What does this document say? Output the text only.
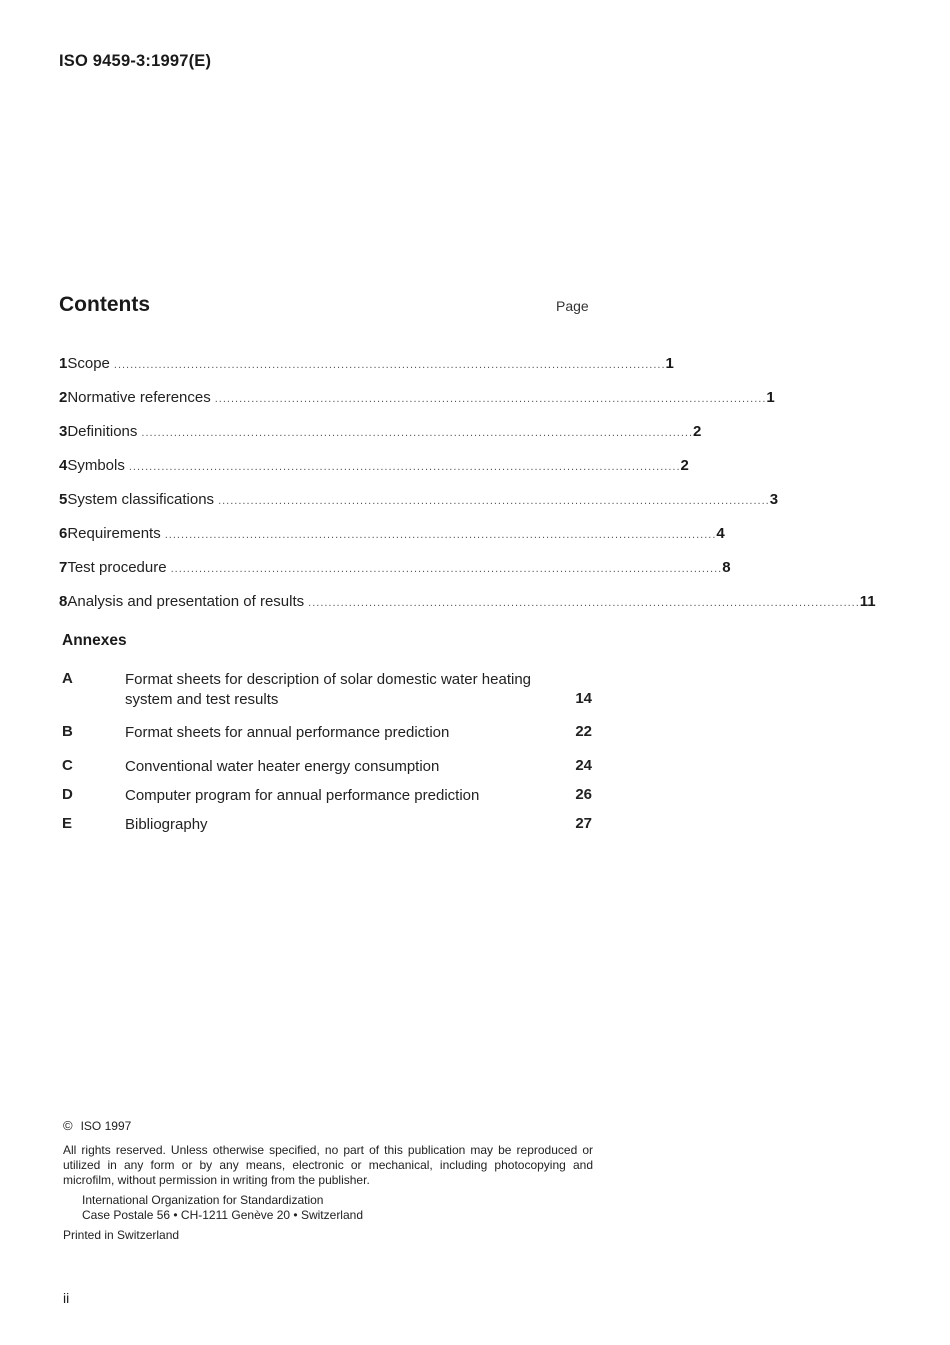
ISO 9459-3:1997(E)
Contents	Page
1 Scope ........................................................................................................................................ 1
2 Normative references ........................................................................................................................................ 1
3 Definitions ........................................................................................................................................ 2
4 Symbols ........................................................................................................................................ 2
5 System classifications ........................................................................................................................................ 3
6 Requirements ........................................................................................................................................ 4
7 Test procedure ........................................................................................................................................ 8
8 Analysis and presentation of results ........................................................................................................................................ 11
Annexes
A	Format sheets for description of solar domestic water heating system and test results	14
B	Format sheets for annual performance prediction	22
C	Conventional water heater energy consumption	24
D	Computer program for annual performance prediction	26
E	Bibliography	27
© ISO 1997
All rights reserved. Unless otherwise specified, no part of this publication may be reproduced or utilized in any form or by any means, electronic or mechanical, including photocopying and microfilm, without permission in writing from the publisher.
International Organization for Standardization
Case Postale 56 • CH-1211 Genève 20 • Switzerland
Printed in Switzerland
ii
